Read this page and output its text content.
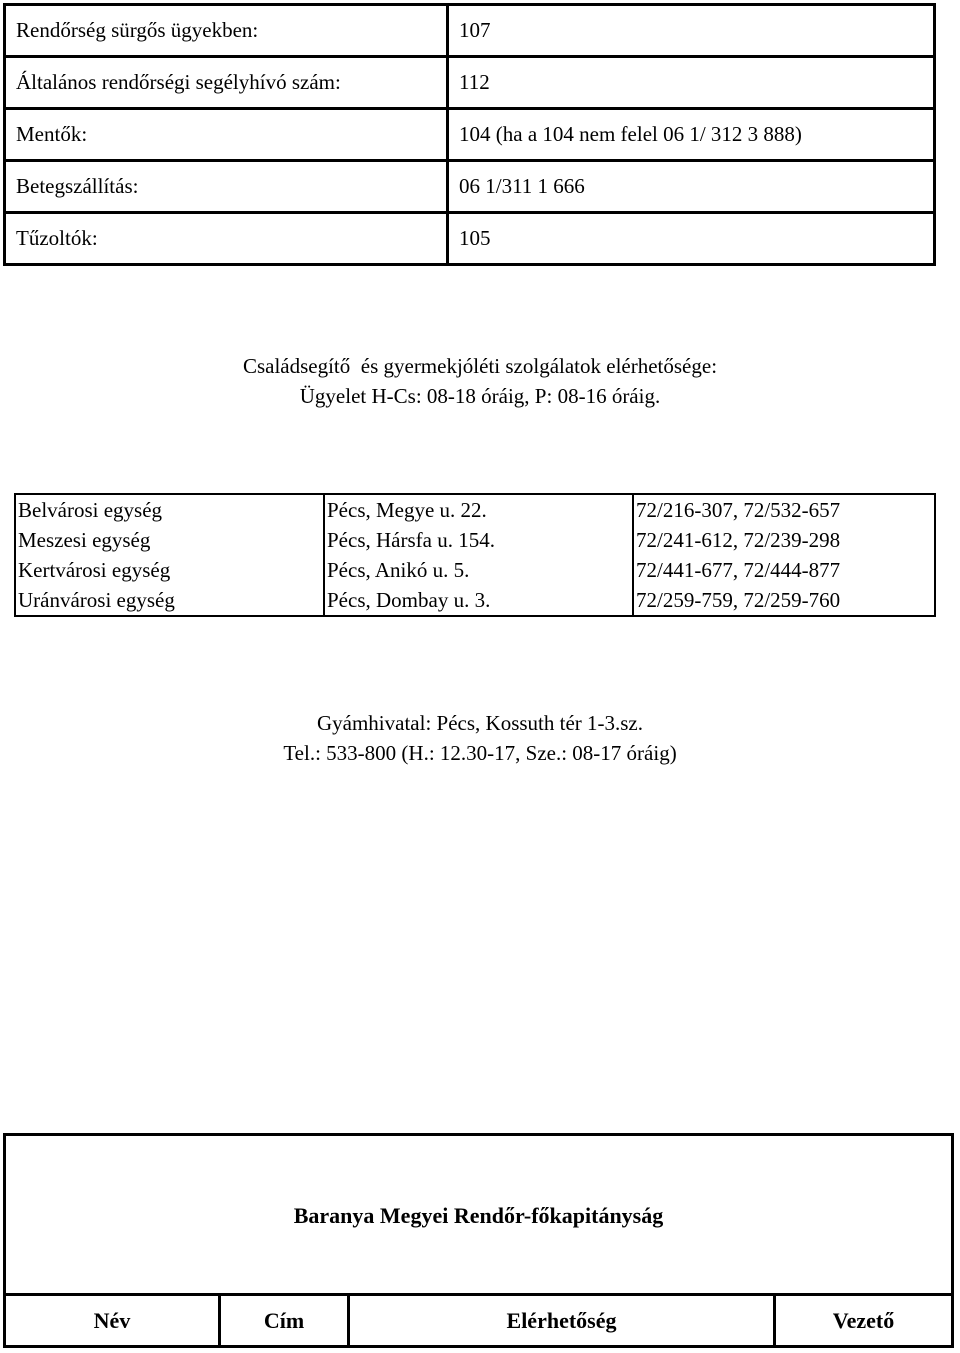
Rendőrség sürgős ügyekben:	107
Általános rendőrségi segélyhívó szám:	112
Mentők:	104 (ha a 104 nem felel 06 1/ 312 3 888)
Betegszállítás:	06 1/311 1 666
Tűzoltók:	105
Családsegítő  és gyermekjóléti szolgálatok elérhetősége:
Ügyelet H-Cs: 08-18 óráig, P: 08-16 óráig.
Belvárosi egység	Pécs, Megye u. 22.	72/216-307, 72/532-657
Meszesi egység	Pécs, Hársfa u. 154.	72/241-612, 72/239-298
Kertvárosi egység	Pécs, Anikó u. 5.	72/441-677, 72/444-877
Uránvárosi egység	Pécs, Dombay u. 3.	72/259-759, 72/259-760
Gyámhivatal: Pécs, Kossuth tér 1-3.sz.
Tel.: 533-800 (H.: 12.30-17, Sze.: 08-17 óráig)
Baranya Megyei Rendőr-főkapitányság
Név	Cím	Elérhetőség	Vezető
